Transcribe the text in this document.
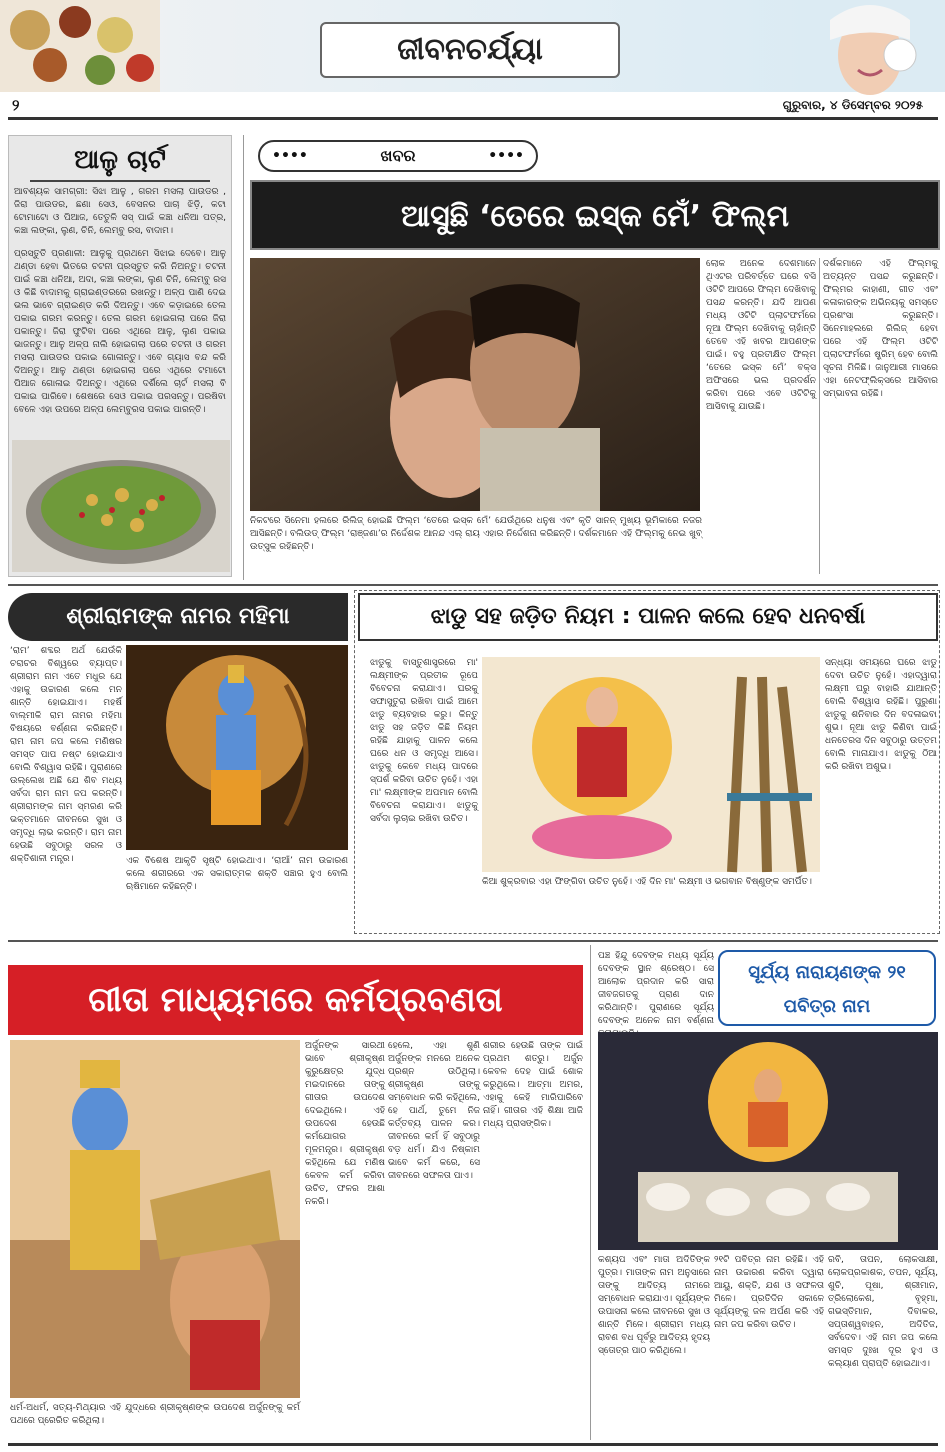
ଜୀବନଚର୍ଯ୍ୟା
୨	ଗୁରୁବାର, ୪ ଡିସେମ୍ବର ୨୦୨୫
ଆଳୁ ଚାର୍ଟ
ଆବଶ୍ୟକ ସାମଗ୍ରୀ: ସିଝା ଆଳୁ , ଗରମ ମସଲା ପାଉଡର , ଜିରା ପାଉଡର, ଛଣା ସେଓ, ବେସନର ପାଚା ଝିଡ଼ି, କଟା ଟୋମାଟୋ ଓ ପିଆଜ, ତେତୁଳି ସସ୍ ପାଇଁ କଞ୍ଚା ଧନିଆ ପତ୍ର, କଞ୍ଚା ଲଙ୍କା, ଲୁଣ, ଚିନି, ଲେମ୍ବୁ ରସ, ବାଦାମ।
ପ୍ରସ୍ତୁତି ପ୍ରଣାଳୀ: ଆଳୁକୁ ପ୍ରଥମେ ସିଝାଇ ଦେବେ। ଆଳୁ ଥଣ୍ଡା ହେବା ଭିତରେ ଚଟନୀ ପ୍ରସ୍ତୁତ କରି ନିଅନ୍ତୁ। ଚଟନୀ ପାଇଁ କଞ୍ଚା ଧନିଆ, ଅଦା, କଞ୍ଚା ଲଙ୍କା, ଲୁଣ ଚିନି, ଲେମ୍ବୁ ରସ ଓ କିଛି ବାଦାମକୁ ଗ୍ରାଇଣ୍ଡରରେ ରଖନ୍ତୁ। ଅଳ୍ପ ପାଣି ଦେଇ ଭଲ ଭାବେ ଗ୍ରାଇଣ୍ଡ କରି ଦିଅନ୍ତୁ। ଏବେ କଡ଼ାଇରେ ତେଲ ପକାଇ ଗରମ କରନ୍ତୁ। ତେଲ ଗରମ ହୋଇଗଲା ପରେ ଜିରା ପକାନ୍ତୁ। ଜିରା ଫୁଟିବା ପରେ ଏଥିରେ ଆଳୁ, ଲୁଣ ପକାଇ ଭାଜନ୍ତୁ। ଆଳୁ ଅଳ୍ପ ନାଲି ହୋଇଗଲା ପରେ ଚଟନୀ ଓ ଗରମ ମସଲା ପାଉଡର ପକାଇ ଗୋଳାନ୍ତୁ। ଏବେ ଗ୍ୟାସ ବନ୍ଦ କରି ଦିଅନ୍ତୁ। ଆଳୁ ଥଣ୍ଡା ହୋଇଗଲା ପରେ ଏଥିରେ ଟମାଟୋ ପିଆଜ ଗୋଳାଇ ଦିଅନ୍ତୁ। ଏଥିରେ ଦର୍ଶିଲେ ଚାର୍ଟ ମସଲା ବି ପକାଇ ପାରିବେ। ଶେଷରେ ସେଓ ପକାଇ ପରସନ୍ତୁ। ପରଷିବା ବେଳେ ଏହା ଉପରେ ଅଳ୍ପ ଲେମ୍ବୁରସ ପକାଇ ପାରନ୍ତି।
••••	ଖବର	••••
ଆସୁଛି ‘ତେରେ ଇସ୍କ ମେଁ’ ଫିଲ୍ମ
ଲୋକ ଅନେକ ଦେଶମାନେ ଥିଏଟର ପରିବର୍ତ୍ତେ ଘରେ ବସି ଓଟିଟି ଆପରେ ଫିଲ୍ମ ଦେଖିବାକୁ ପସନ୍ଦ କରନ୍ତି। ଯଦି ଆପଣ ମଧ୍ୟ ଓଟିଟି ପ୍ଲାଟଫର୍ମରେ ନୂଆ ଫିଲ୍ମ ଦେଖିବାକୁ ଚାହାଁନ୍ତି ତେବେ ଏହି ଖବର ଆପଣଙ୍କ ପାଇଁ। ବହୁ ପ୍ରତୀକ୍ଷିତ ଫିଲ୍ମ ‘ତେରେ ଇସ୍କ ମେଁ’ ବକ୍ସ ଅଫିସରେ ଭଲ ପ୍ରଦର୍ଶନ କରିବା ପରେ ଏବେ ଓଟିଟିକୁ ଆସିବାକୁ ଯାଉଛି।
ଦର୍ଶକମାନେ ଏହି ଫିଲ୍ମକୁ ଅତ୍ୟନ୍ତ ପସନ୍ଦ କରୁଛନ୍ତି। ଫିଲ୍ମର କାହାଣୀ, ଗୀତ ଏବଂ କଳାକାରଙ୍କ ଅଭିନୟକୁ ସମସ୍ତେ ପ୍ରଶଂସା କରୁଛନ୍ତି। ସିନେମାହଲରେ ରିଲିଜ୍ ହେବା ପରେ ଏହି ଫିଲ୍ମ ଓଟିଟି ପ୍ଲାଟଫର୍ମରେ ଷ୍ଟ୍ରିମ୍ ହେବ ବୋଲି ସୂଚନା ମିଳିଛି। ଜାନୁଆରୀ ମାସରେ ଏହା ନେଟଫ୍ଲିକ୍ସରେ ଆସିବାର ସମ୍ଭାବନା ରହିଛି।
ନିକଟରେ ସିନେମା ହଲରେ ରିଲିଜ୍ ହୋଇଛି ଫିଲ୍ମ ‘ତେରେ ଇସ୍କ ମେଁ’ ଯେଉଁଥିରେ ଧନୁଷ ଏବଂ କୃତି ସାନନ୍ ମୁଖ୍ୟ ଭୂମିକାରେ ନଜର ଆସିଛନ୍ତି। ବଲିଉଡ୍ ଫିଲ୍ମ ‘ରାଞ୍ଜଣା’ର ନିର୍ଦ୍ଦେଶକ ଆନନ୍ଦ ଏଲ୍ ରାୟ ଏହାର ନିର୍ଦ୍ଦେଶନା କରିଛନ୍ତି। ଦର୍ଶକମାନେ ଏହି ଫିଲ୍ମକୁ ନେଇ ଖୁବ୍ ଉତ୍ସୁକ ରହିଛନ୍ତି।
ଶ୍ରୀରାମଙ୍କ ନାମର ମହିମା
‘ରାମ’ ଶବ୍ଦର ଅର୍ଥ ଯେଉଁକି ଚରାଚର ବିଶ୍ୱରେ ବ୍ୟାପ୍ତ। ଶ୍ରୀରାମ ନାମ ଏତେ ମଧୁର ଯେ ଏହାକୁ ଉଚ୍ଚାରଣ କଲେ ମନ ଶାନ୍ତି ହୋଇଯାଏ। ମହର୍ଷି ବାଲ୍ମୀକି ରାମ ନାମର ମହିମା ବିଷୟରେ ବର୍ଣ୍ଣନା କରିଛନ୍ତି। ରାମ ନାମ ଜପ କଲେ ମଣିଷର ସମସ୍ତ ପାପ ନଷ୍ଟ ହୋଇଯାଏ ବୋଲି ବିଶ୍ୱାସ ରହିଛି। ପୁରାଣରେ ଉଲ୍ଲେଖ ଅଛି ଯେ ଶିବ ମଧ୍ୟ ସର୍ବଦା ରାମ ନାମ ଜପ କରନ୍ତି। ଶ୍ରୀରାମଙ୍କ ନାମ ସ୍ମରଣ କରି ଭକ୍ତମାନେ ଜୀବନରେ ସୁଖ ଓ ସମୃଦ୍ଧି ଲାଭ କରନ୍ତି। ରାମ ନାମ ହେଉଛି ସବୁଠାରୁ ସରଳ ଓ ଶକ୍ତିଶାଳୀ ମନ୍ତ୍ର।	ଏକ ବିଶେଷ ଆକୃତି ସୃଷ୍ଟି ହୋଇଥାଏ। ‘ରାଆଁ’ ନାମ ଉଚ୍ଚାରଣ କଲେ ଶରୀରରେ ଏକ ସକାରାତ୍ମକ ଶକ୍ତି ସଞ୍ଚାର ହୁଏ ବୋଲି ଋଷିମାନେ କହିଛନ୍ତି।
ଝାଡୁ ସହ ଜଡ଼ିତ ନିୟମ : ପାଳନ କଲେ ହେବ ଧନବର୍ଷା
ଝାଡୁକୁ ବାସ୍ତୁଶାସ୍ତ୍ରରେ ମା' ଲକ୍ଷ୍ମୀଙ୍କ ପ୍ରତୀକ ରୂପେ ବିବେଚନା କରାଯାଏ। ଘରକୁ ସଫାସୁତୁରା ରଖିବା ପାଇଁ ଆମେ ଝାଡୁ ବ୍ୟବହାର କରୁ। କିନ୍ତୁ ଝାଡୁ ସହ ଜଡ଼ିତ କିଛି ନିୟମ ରହିଛି ଯାହାକୁ ପାଳନ କଲେ ଘରେ ଧନ ଓ ସମୃଦ୍ଧି ଆସେ। ଝାଡୁକୁ କେବେ ମଧ୍ୟ ପାଦରେ ସ୍ପର୍ଶ କରିବା ଉଚିତ ନୁହେଁ। ଏହା ମା' ଲକ୍ଷ୍ମୀଙ୍କ ଅପମାନ ବୋଲି ବିବେଚନା କରାଯାଏ। ଝାଡୁକୁ ସର୍ବଦା ଲୁଚାଇ ରଖିବା ଉଚିତ।
କିଆ ଶୁକ୍ରବାର ଏହା ଫିଙ୍ଗିବା ଉଚିତ ନୁହେଁ। ଏହି ଦିନ ମା' ଲକ୍ଷ୍ମୀ ଓ ଭଗବାନ ବିଷ୍ଣୁଙ୍କ ସମର୍ପିତ।
ସନ୍ଧ୍ୟା ସମୟରେ ଘରେ ଝାଡୁ ଦେବା ଉଚିତ ନୁହେଁ। ଏହାଦ୍ୱାରା ଲକ୍ଷ୍ମୀ ଘରୁ ବାହାରି ଯାଆନ୍ତି ବୋଲି ବିଶ୍ୱାସ ରହିଛି। ପୁରୁଣା ଝାଡୁକୁ ଶନିବାର ଦିନ ବଦଳାଇବା ଶୁଭ। ନୂଆ ଝାଡୁ କିଣିବା ପାଇଁ ଧନତେରସ ଦିନ ସବୁଠାରୁ ଉତ୍ତମ ବୋଲି ମାନାଯାଏ। ଝାଡୁକୁ ଠିଆ କରି ରଖିବା ଅଶୁଭ।
ଗୀତା ମାଧ୍ୟମରେ କର୍ମପ୍ରବଣତା
ଧର୍ମ-ଅଧର୍ମ, ସତ୍ୟ-ମିଥ୍ୟାର ଏହି ଯୁଦ୍ଧରେ ଶ୍ରୀକୃଷ୍ଣଙ୍କ ଉପଦେଶ ଅର୍ଜୁନଙ୍କୁ କର୍ମ ପଥରେ ପ୍ରେରିତ କରିଥିଲା।
ଅର୍ଜୁନଙ୍କ ସାରଥୀ ଭାବେ ଶ୍ରୀକୃଷ୍ଣ କୁରୁକ୍ଷେତ୍ର ଯୁଦ୍ଧ ମଇଦାନରେ ତାଙ୍କୁ ଗୀତାର ଉପଦେଶ ଦେଇଥିଲେ। ଏହି ଉପଦେଶ ହେଉଛି କର୍ମଯୋଗର ମୂଳମନ୍ତ୍ର। ଶ୍ରୀକୃଷ୍ଣ କହିଥିଲେ ଯେ ମଣିଷ କେବଳ କର୍ମ କରିବା ଉଚିତ, ଫଳର ଆଶା ନକରି।
ହେଲେ, ଏହା ଶୁଣି ଅର୍ଜୁନଙ୍କ ମନରେ ଅନେକ ପ୍ରଶ୍ନ ଉଠିଥିଲା। ଶ୍ରୀକୃଷ୍ଣ ତାଙ୍କୁ ସମ୍ବୋଧନ କରି କହିଥିଲେ, ହେ ପାର୍ଥ, ତୁମେ ନିଜ କର୍ତ୍ତବ୍ୟ ପାଳନ କର। ଜୀବନରେ କର୍ମ ହିଁ ସବୁଠାରୁ ବଡ଼ ଧର୍ମ। ଯିଏ ନିଷ୍କାମ ଭାବେ କର୍ମ କରେ, ସେ ଜୀବନରେ ସଫଳତା ପାଏ।
ଶରୀର ହେଉଛି ତାଙ୍କ ପାଇଁ ପ୍ରଥମ ଶତ୍ରୁ। ଅର୍ଜୁନ କେବଳ ଦେହ ପାଇଁ ଶୋକ କରୁଥିଲେ। ଆତ୍ମା ଅମର, ଏହାକୁ କେହି ମାରିପାରିବେ ନାହିଁ। ଗୀତାର ଏହି ଶିକ୍ଷା ଆଜି ମଧ୍ୟ ପ୍ରାସଙ୍ଗିକ।
ପଞ୍ଚ ହିନ୍ଦୁ ଦେବଙ୍କ ମଧ୍ୟ ସୂର୍ଯ୍ୟ ଦେବଙ୍କ ସ୍ଥାନ ଶ୍ରେଷ୍ଠ। ସେ ଆଲୋକ ପ୍ରଦାନ କରି ସାରା ଜୀବଜଗତକୁ ପ୍ରାଣ ଦାନ କରିଥାନ୍ତି। ପୁରାଣରେ ସୂର୍ଯ୍ୟ ଦେବଙ୍କ ଅନେକ ନାମ ବର୍ଣ୍ଣନା
ସୂର୍ଯ୍ୟ ନାରାୟଣଙ୍କ ୨୧ ପବିତ୍ର ନାମ
କଶ୍ୟପ ଏବଂ ମାତା ଅଦିତିଙ୍କ ପୁତ୍ର। ମାତାଙ୍କ ନାମ ଅନୁସାରେ ତାଙ୍କୁ ଆଦିତ୍ୟ ନାମରେ ସମ୍ବୋଧନ କରାଯାଏ। ସୂର୍ଯ୍ୟଙ୍କ ଉପାସନା କଲେ ଜୀବନରେ ସୁଖ ଓ ଶାନ୍ତି ମିଳେ। ଶ୍ରୀରାମ ମଧ୍ୟ ରାବଣ ବଧ ପୂର୍ବରୁ ଆଦିତ୍ୟ ହୃଦୟ ସ୍ତୋତ୍ର ପାଠ କରିଥିଲେ।
୨୧ଟି ପବିତ୍ର ନାମ ରହିଛି। ଏହି ନାମ ଉଚ୍ଚାରଣ କରିବା ଦ୍ୱାରା ଆୟୁ, ଶକ୍ତି, ଯଶ ଓ ସଫଳତା ମିଳେ। ପ୍ରତିଦିନ ସକାଳେ ସୂର୍ଯ୍ୟଙ୍କୁ ଜଳ ଅର୍ପଣ କରି ଏହି ନାମ ଜପ କରିବା ଉଚିତ।
ରବି, ତାପନ, ଲୋକସାକ୍ଷୀ, ଲୋକପ୍ରକାଶକ, ତପନ, ସୂର୍ଯ୍ୟ, ଶୁଚି, ପୂଷା, ଶ୍ରୀମାନ, ତ୍ରିଲୋକେଶ, ବୃହ୍ମା, ଗଭସ୍ତିମାନ, ଦିବାକର, ସପ୍ତାଶ୍ୱବାହନ, ଅଦିତିଜ, ସର୍ବଦେବ। ଏହି ନାମ ଜପ କଲେ ସମସ୍ତ ଦୁଃଖ ଦୂର ହୁଏ ଓ କଲ୍ୟାଣ ପ୍ରାପ୍ତି ହୋଇଥାଏ।
